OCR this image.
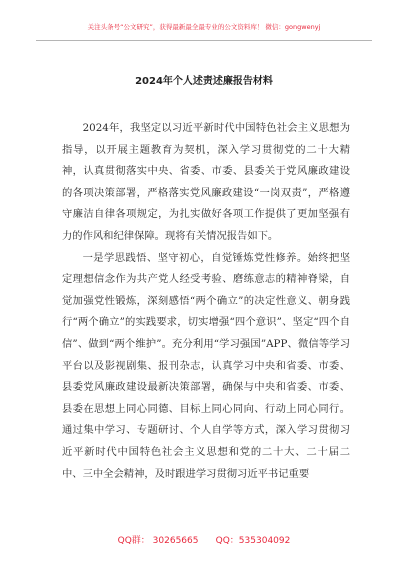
关注头条号“公文研究”，获得最新最全最专业的公文资料库！ 微信：gongwenyj
2024年个人述责述廉报告材料

2024年，我坚定以习近平新时代中国特色社会主义思想为指导，以开展主题教育为契机，深入学习贯彻党的二十大精神，认真贯彻落实中央、省委、市委、县委关于党风廉政建设的各项决策部署，严格落实党风廉政建设“一岗双责”，严格遵守廉洁自律各项规定，为扎实做好各项工作提供了更加坚强有力的作风和纪律保障。现将有关情况报告如下。

一是学思践悟、坚守初心，自觉锤炼党性修养。始终把坚定理想信念作为共产党人经受考验、磨练意志的精神脊梁，自觉加强党性锻炼，深刻感悟“两个确立”的决定性意义、朝身践行“两个确立”的实践要求，切实增强“四个意识”、坚定“四个自信”、做到“两个维护”。充分利用“学习强国”APP、微信等学习平台以及影视剧集、报刊杂志，认真学习中央和省委、市委、县委党风廉政建设最新决策部署，确保与中央和省委、市委、县委在思想上同心同德、目标上同心同向、行动上同心同行。通过集中学习、专题研讨、个人自学等方式，深入学习贯彻习近平新时代中国特色社会主义思想和党的二十大、二十届二中、三中全会精神，及时跟进学习贯彻习近平书记重要

QQ群： 30265665      QQ：535304092
